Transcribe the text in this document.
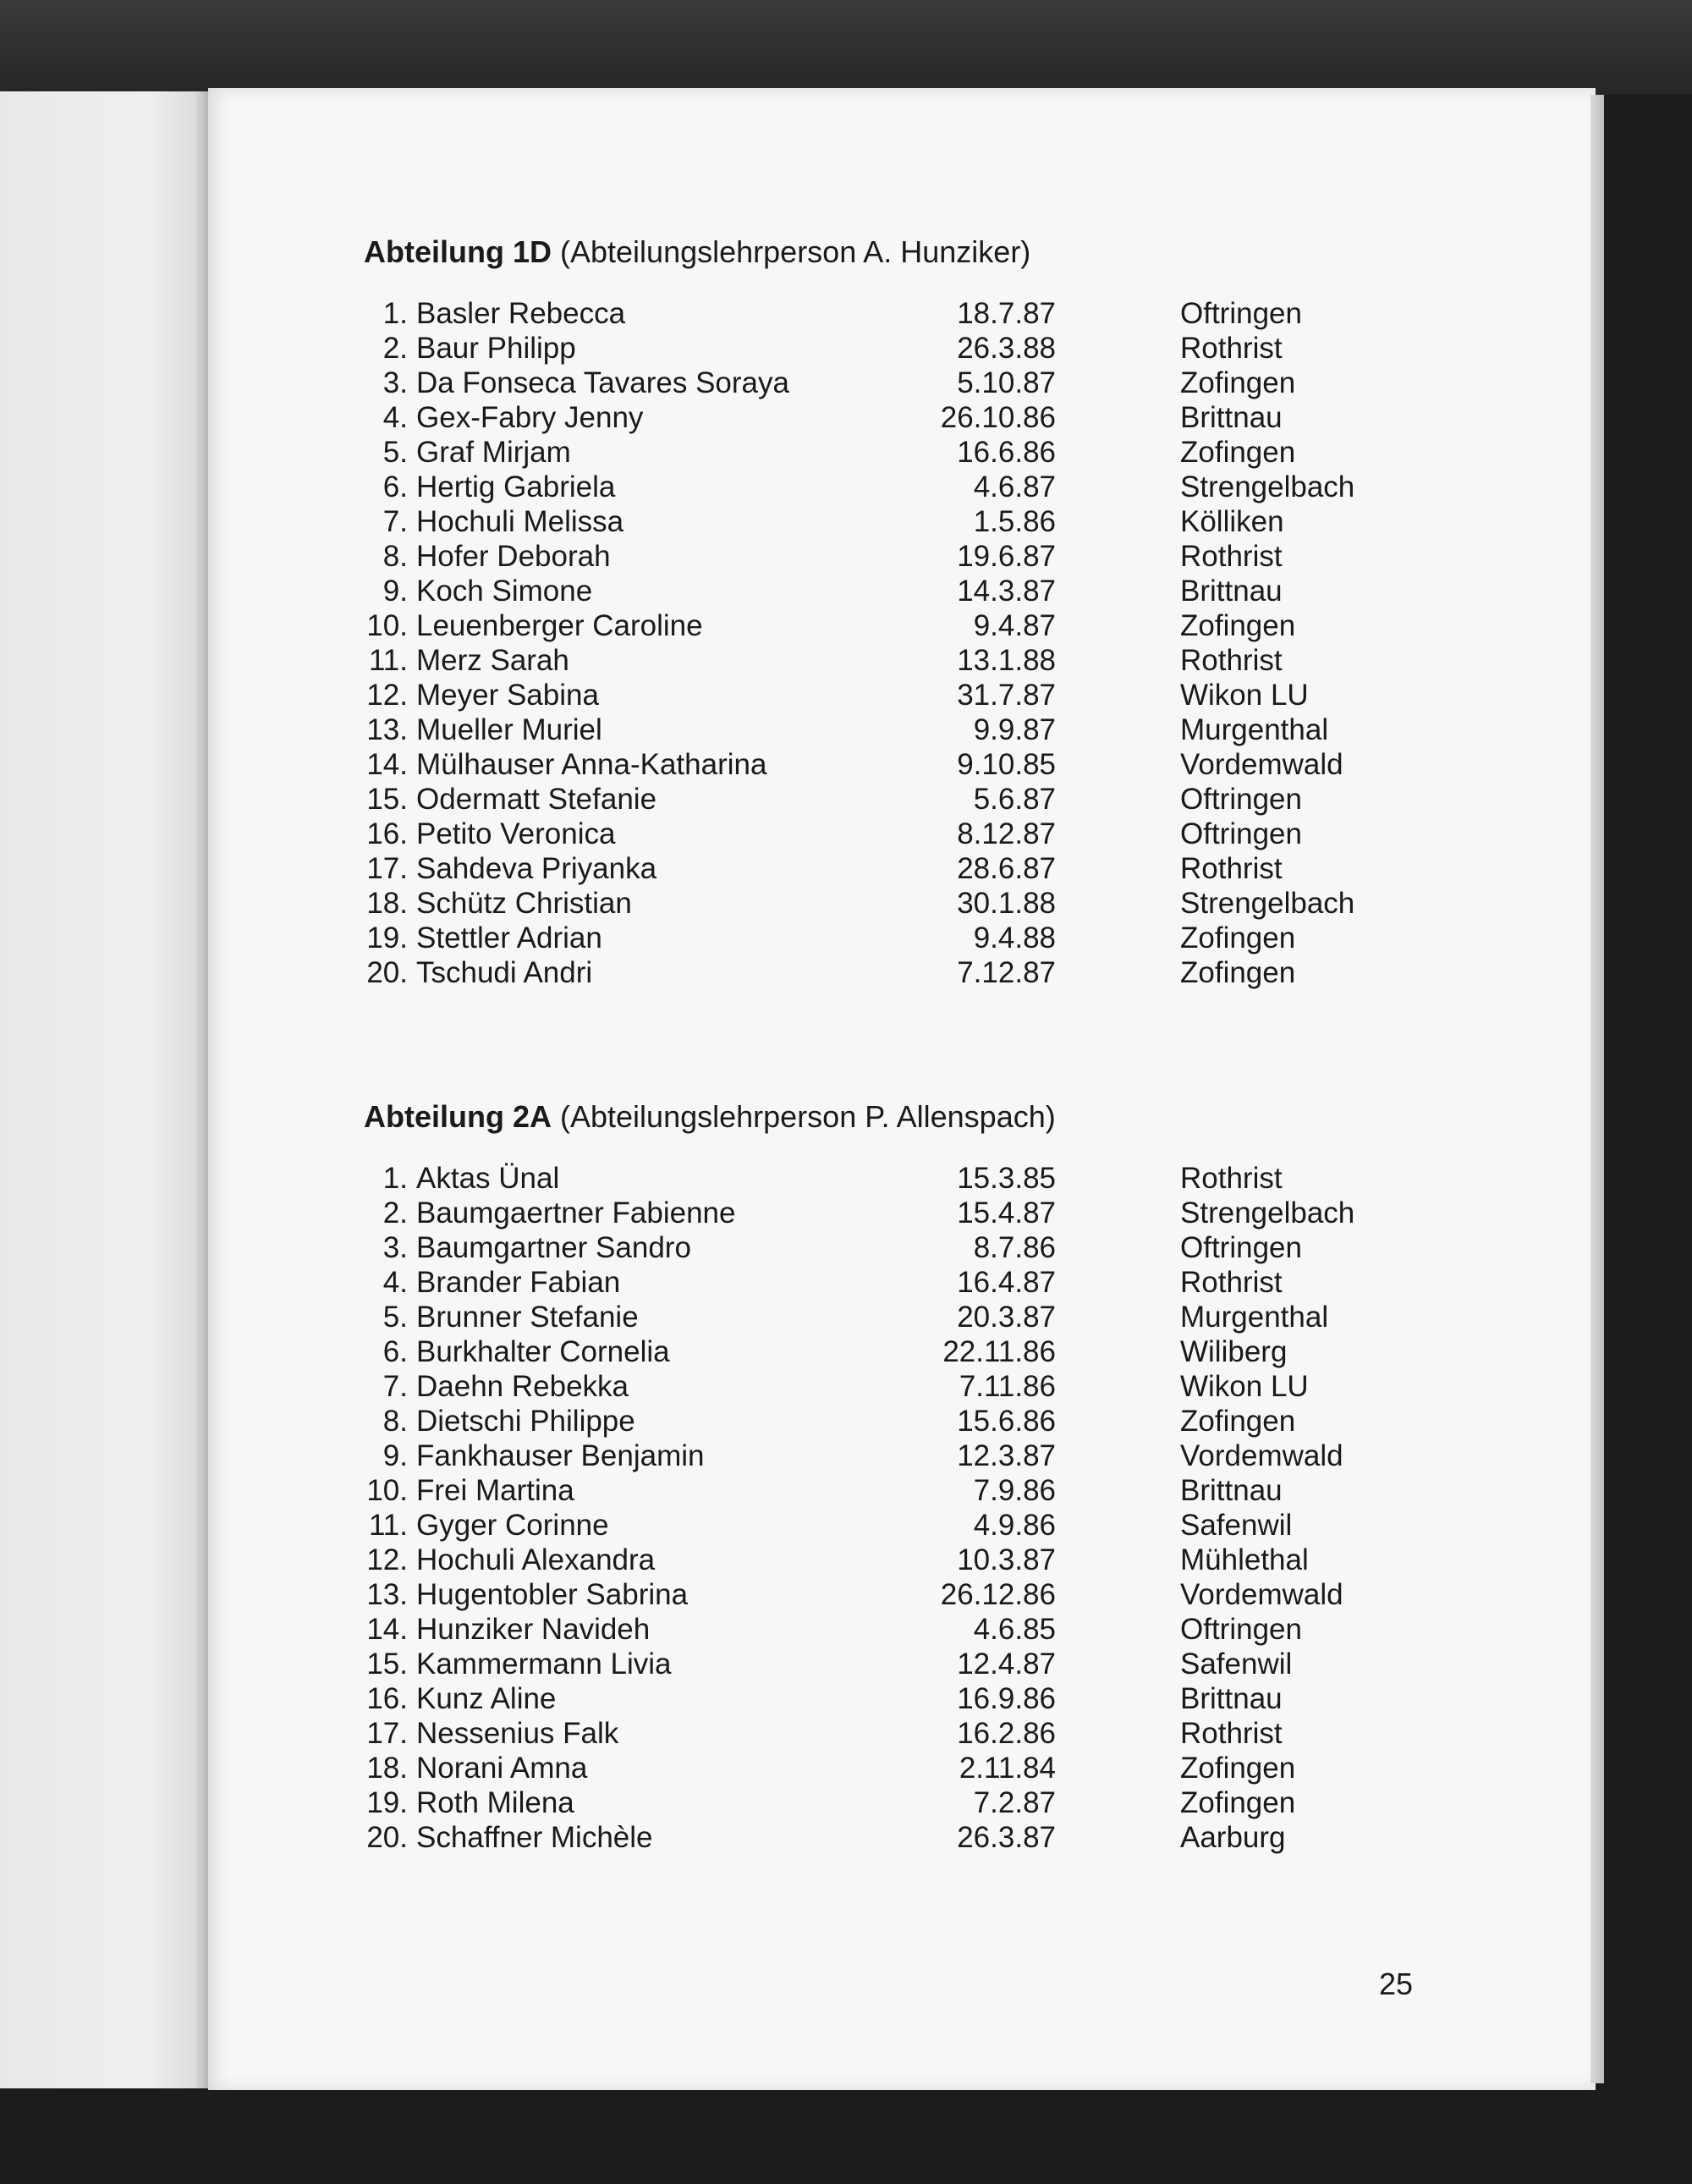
Abteilung 1D (Abteilungslehrperson A. Hunziker)
1. Basler Rebecca	18.7.87	Oftringen
2. Baur Philipp	26.3.88	Rothrist
3. Da Fonseca Tavares Soraya	5.10.87	Zofingen
4. Gex-Fabry Jenny	26.10.86	Brittnau
5. Graf Mirjam	16.6.86	Zofingen
6. Hertig Gabriela	4.6.87	Strengelbach
7. Hochuli Melissa	1.5.86	Kölliken
8. Hofer Deborah	19.6.87	Rothrist
9. Koch Simone	14.3.87	Brittnau
10. Leuenberger Caroline	9.4.87	Zofingen
11. Merz Sarah	13.1.88	Rothrist
12. Meyer Sabina	31.7.87	Wikon LU
13. Mueller Muriel	9.9.87	Murgenthal
14. Mülhauser Anna-Katharina	9.10.85	Vordemwald
15. Odermatt Stefanie	5.6.87	Oftringen
16. Petito Veronica	8.12.87	Oftringen
17. Sahdeva Priyanka	28.6.87	Rothrist
18. Schütz Christian	30.1.88	Strengelbach
19. Stettler Adrian	9.4.88	Zofingen
20. Tschudi Andri	7.12.87	Zofingen
Abteilung 2A (Abteilungslehrperson P. Allenspach)
1. Aktas Ünal	15.3.85	Rothrist
2. Baumgaertner Fabienne	15.4.87	Strengelbach
3. Baumgartner Sandro	8.7.86	Oftringen
4. Brander Fabian	16.4.87	Rothrist
5. Brunner Stefanie	20.3.87	Murgenthal
6. Burkhalter Cornelia	22.11.86	Wiliberg
7. Daehn Rebekka	7.11.86	Wikon LU
8. Dietschi Philippe	15.6.86	Zofingen
9. Fankhauser Benjamin	12.3.87	Vordemwald
10. Frei Martina	7.9.86	Brittnau
11. Gyger Corinne	4.9.86	Safenwil
12. Hochuli Alexandra	10.3.87	Mühlethal
13. Hugentobler Sabrina	26.12.86	Vordemwald
14. Hunziker Navideh	4.6.85	Oftringen
15. Kammermann Livia	12.4.87	Safenwil
16. Kunz Aline	16.9.86	Brittnau
17. Nessenius Falk	16.2.86	Rothrist
18. Norani Amna	2.11.84	Zofingen
19. Roth Milena	7.2.87	Zofingen
20. Schaffner Michèle	26.3.87	Aarburg
25
